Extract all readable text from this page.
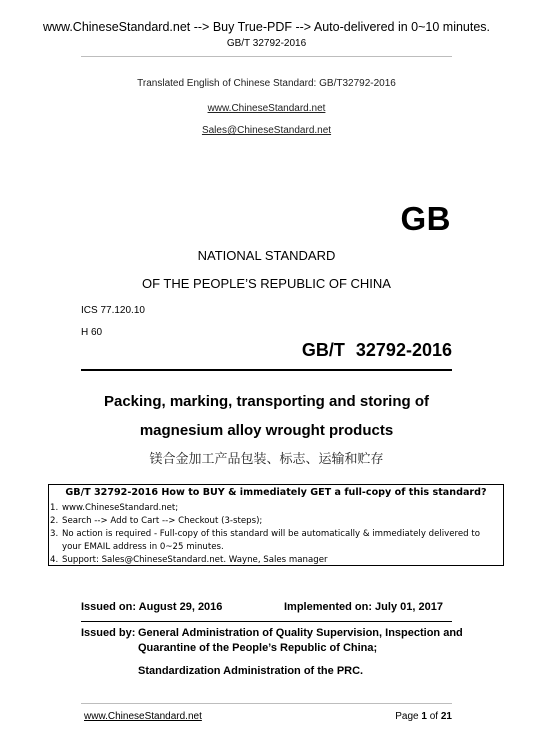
www.ChineseStandard.net --> Buy True-PDF --> Auto-delivered in 0~10 minutes.
GB/T 32792-2016
Translated English of Chinese Standard: GB/T32792-2016
www.ChineseStandard.net
Sales@ChineseStandard.net
GB
NATIONAL STANDARD
OF THE PEOPLE’S REPUBLIC OF CHINA
ICS 77.120.10
H 60
GB/T 32792-2016
Packing, marking, transporting and storing of
magnesium alloy wrought products
镁合金加工产品包装、标志、运输和贮存
GB/T 32792-2016 How to BUY & immediately GET a full-copy of this standard?
1. www.ChineseStandard.net;
2. Search --> Add to Cart --> Checkout (3-steps);
3. No action is required - Full-copy of this standard will be automatically & immediately delivered to
your EMAIL address in 0~25 minutes.
4. Support: Sales@ChineseStandard.net. Wayne, Sales manager
Issued on: August 29, 2016	Implemented on: July 01, 2017
Issued by: General Administration of Quality Supervision, Inspection and
Quarantine of the People’s Republic of China;
Standardization Administration of the PRC.
www.ChineseStandard.net	Page 1 of 21
